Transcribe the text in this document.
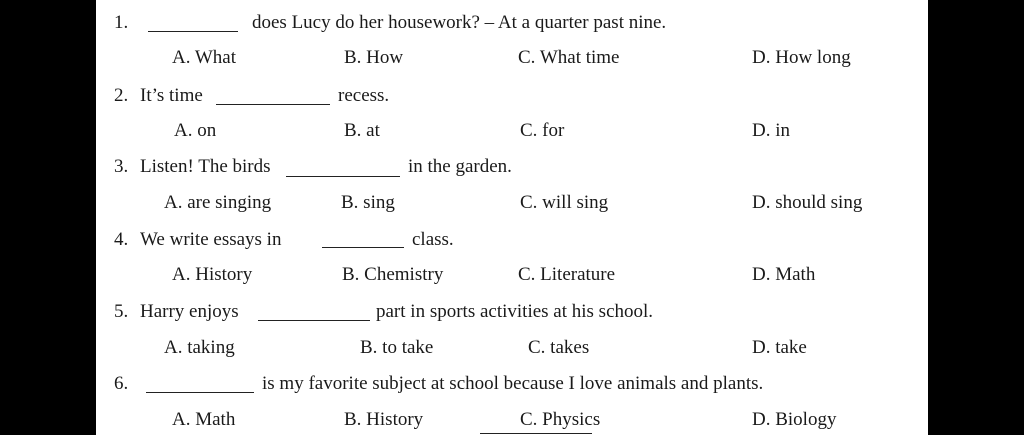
1.	does Lucy do her housework? – At a quarter past nine.
A. What	B. How	C. What time	D. How long
2. It’s time	recess.
A. on	B. at	C. for	D. in
3. Listen! The birds	in the garden.
A. are singing	B. sing	C. will sing	D. should sing
4. We write essays in	class.
A. History	B. Chemistry	C. Literature	D. Math
5. Harry enjoys	part in sports activities at his school.
A. taking	B. to take	C. takes	D. take
6.	is my favorite subject at school because I love animals and plants.
A. Math	B. History	C. Physics	D. Biology
